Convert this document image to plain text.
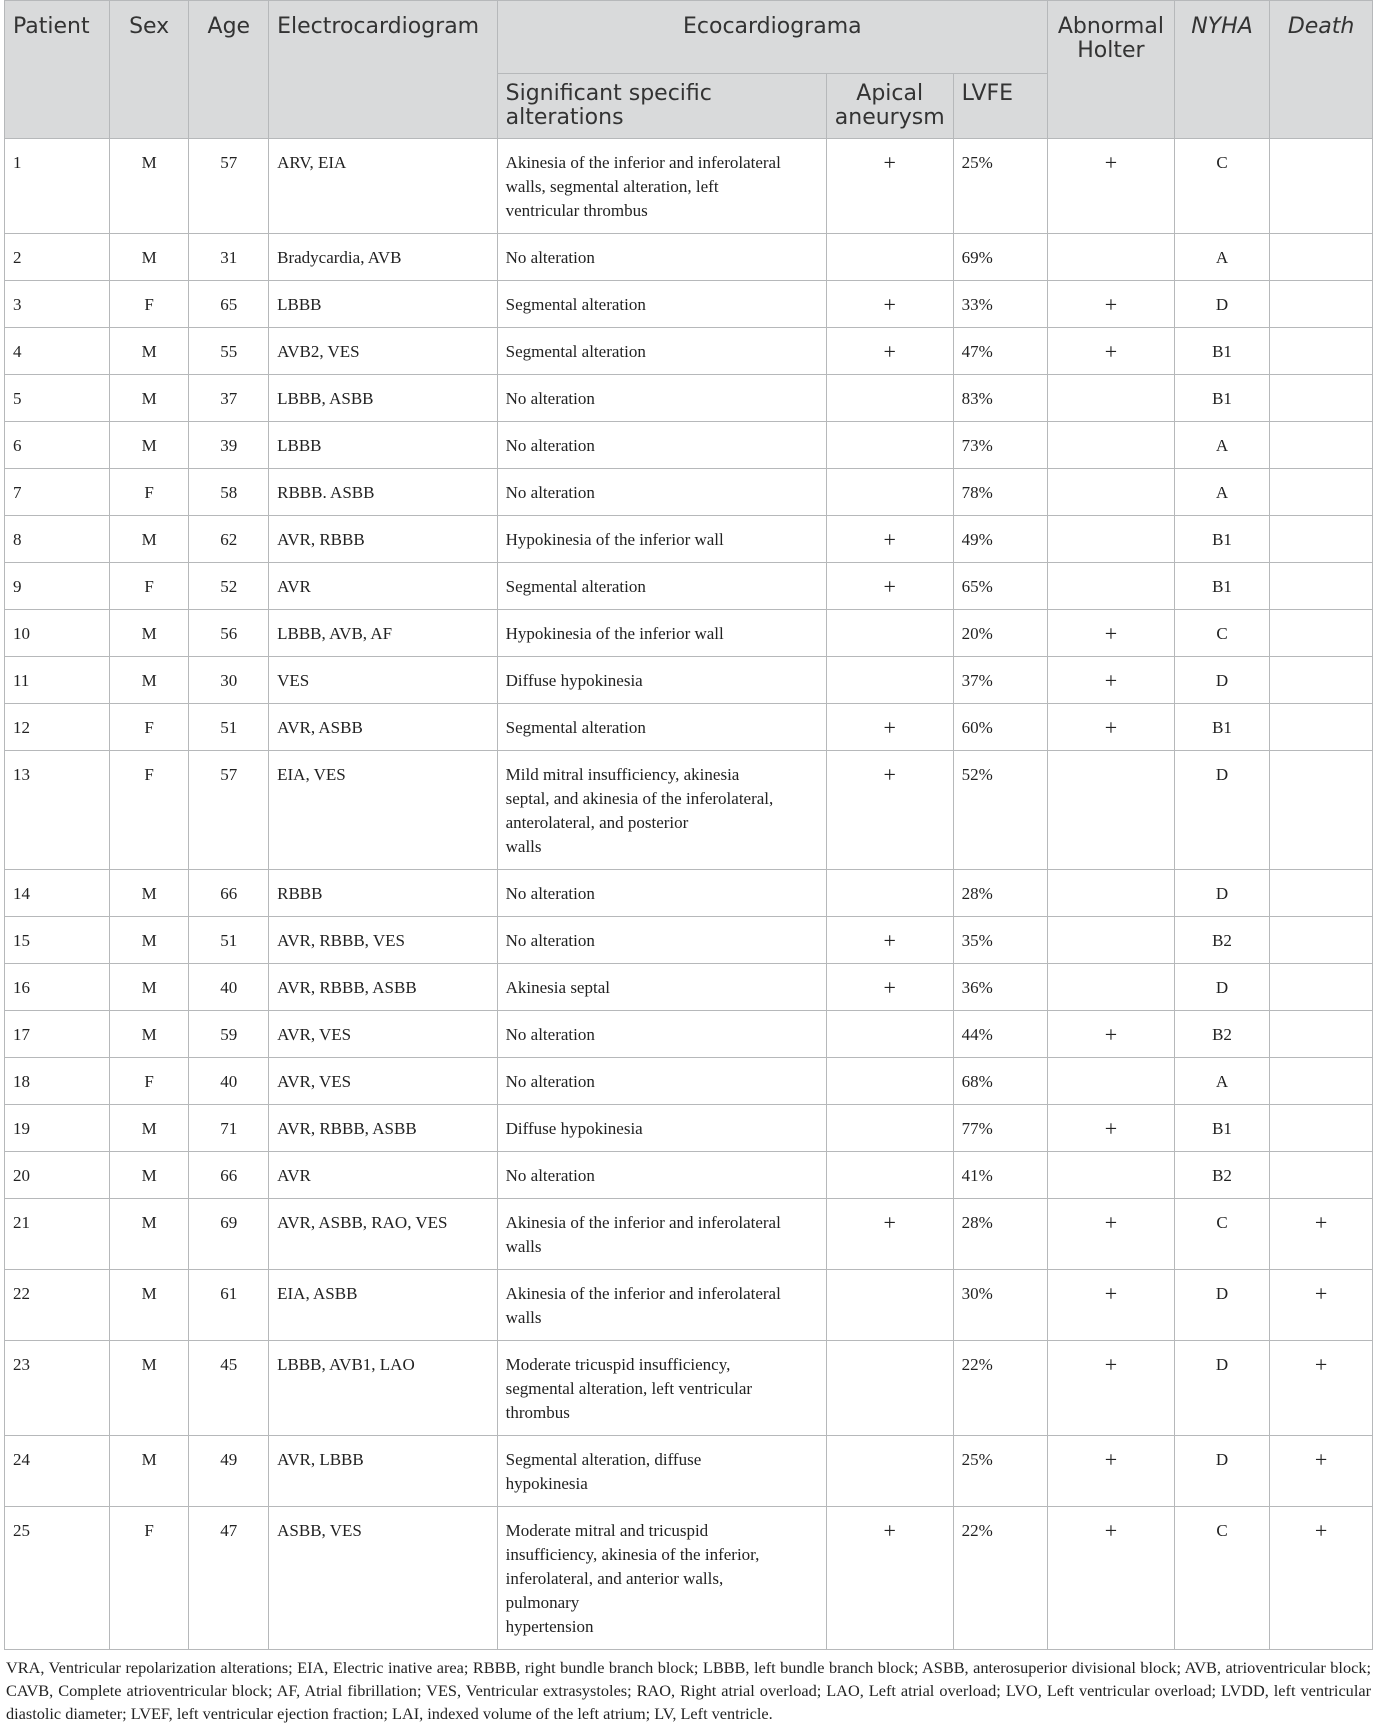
Patient	Sex	Age	Electrocardiogram	Ecocardiograma			Abnormal Holter	NYHA	Death
				Significant specific alterations	Apical aneurysm	LVFE			
1	M	57	ARV, EIA	Akinesia of the inferior and inferolateral
walls, segmental alteration, left
ventricular thrombus	+	25%	+	C	
2	M	31	Bradycardia, AVB	No alteration		69%		A	
3	F	65	LBBB	Segmental alteration	+	33%	+	D	
4	M	55	AVB2, VES	Segmental alteration	+	47%	+	B1	
5	M	37	LBBB, ASBB	No alteration		83%		B1	
6	M	39	LBBB	No alteration		73%		A	
7	F	58	RBBB. ASBB	No alteration		78%		A	
8	M	62	AVR, RBBB	Hypokinesia of the inferior wall	+	49%		B1	
9	F	52	AVR	Segmental alteration	+	65%		B1	
10	M	56	LBBB, AVB, AF	Hypokinesia of the inferior wall		20%	+	C	
11	M	30	VES	Diffuse hypokinesia		37%	+	D	
12	F	51	AVR, ASBB	Segmental alteration	+	60%	+	B1	
13	F	57	EIA, VES	Mild mitral insufficiency, akinesia
septal, and akinesia of the inferolateral,
anterolateral, and posterior
walls	+	52%		D	
14	M	66	RBBB	No alteration		28%		D	
15	M	51	AVR, RBBB, VES	No alteration	+	35%		B2	
16	M	40	AVR, RBBB, ASBB	Akinesia septal	+	36%		D	
17	M	59	AVR, VES	No alteration		44%	+	B2	
18	F	40	AVR, VES	No alteration		68%		A	
19	M	71	AVR, RBBB, ASBB	Diffuse hypokinesia		77%	+	B1	
20	M	66	AVR	No alteration		41%		B2	
21	M	69	AVR, ASBB, RAO, VES	Akinesia of the inferior and inferolateral
walls	+	28%	+	C	+
22	M	61	EIA, ASBB	Akinesia of the inferior and inferolateral
walls		30%	+	D	+
23	M	45	LBBB, AVB1, LAO	Moderate tricuspid insufficiency,
segmental alteration, left ventricular
thrombus		22%	+	D	+
24	M	49	AVR, LBBB	Segmental alteration, diffuse
hypokinesia		25%	+	D	+
25	F	47	ASBB, VES	Moderate mitral and tricuspid
insufficiency, akinesia of the inferior,
inferolateral, and anterior walls,
pulmonary
hypertension	+	22%	+	C	+
VRA, Ventricular repolarization alterations; EIA, Electric inative area; RBBB, right bundle branch block; LBBB, left bundle branch block; ASBB, anterosuperior divisional block; AVB, atrioventricular block; CAVB, Complete atrioventricular block; AF, Atrial fibrillation; VES, Ventricular extrasystoles; RAO, Right atrial overload; LAO, Left atrial overload; LVO, Left ventricular overload; LVDD, left ventricular diastolic diameter; LVEF, left ventricular ejection fraction; LAI, indexed volume of the left atrium; LV, Left ventricle.
